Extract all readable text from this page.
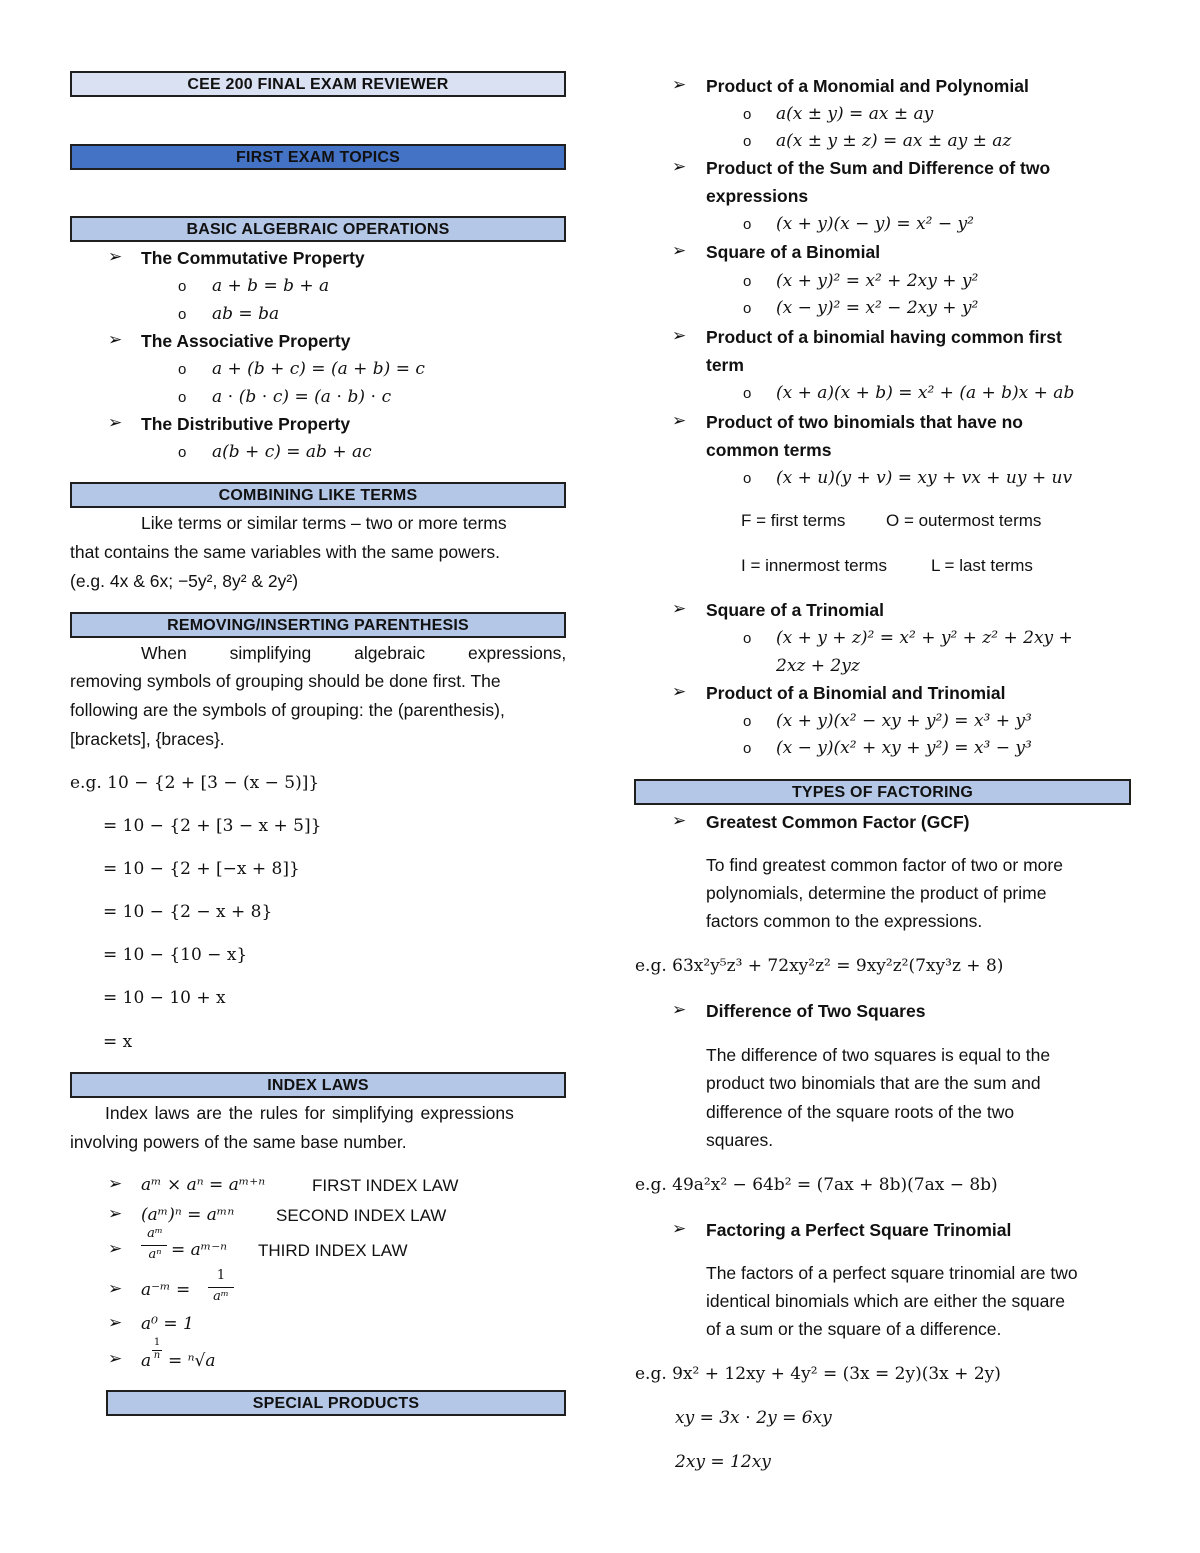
CEE 200 FINAL EXAM REVIEWER
FIRST EXAM TOPICS
BASIC ALGEBRAIC OPERATIONS
➢ The Commutative Property
o a + b = b + a
o ab = ba
➢ The Associative Property
o a + (b + c) = (a + b) = c
o a ⋅ (b ⋅ c) = (a ⋅ b) ⋅ c
➢ The Distributive Property
o a(b + c) = ab + ac
COMBINING LIKE TERMS
Like terms or similar terms – two or more terms
that contains the same variables with the same powers.
(e.g. 4x & 6x; −5y², 8y² & 2y²)
REMOVING/INSERTING PARENTHESIS
When simplifying algebraic expressions,
removing symbols of grouping should be done first. The
following are the symbols of grouping: the (parenthesis),
[brackets], {braces}.
e.g. 10 − {2 + [3 − (x − 5)]}
= 10 − {2 + [3 − x + 5]}
= 10 − {2 + [−x + 8]}
= 10 − {2 − x + 8}
= 10 − {10 − x}
= 10 − 10 + x
= x
INDEX LAWS
Index laws are the rules for simplifying expressions
involving powers of the same base number.
➢ aᵐ × aⁿ = aᵐ⁺ⁿ	FIRST INDEX LAW
➢ (aᵐ)ⁿ = aᵐⁿ SECOND INDEX LAW
➢
aᵐ
aⁿ = aᵐ⁻ⁿ THIRD INDEX LAW
➢ a⁻ᵐ =
1
aᵐ
➢ a⁰ = 1
➢ a
1
n = ⁿ√a
SPECIAL PRODUCTS
➢ Product of a Monomial and Polynomial
o a(x ± y) = ax ± ay
o a(x ± y ± z) = ax ± ay ± az
➢ Product of the Sum and Difference of two
expressions
o (x + y)(x − y) = x² − y²
➢ Square of a Binomial
o (x + y)² = x² + 2xy + y²
o (x − y)² = x² − 2xy + y²
➢ Product of a binomial having common first
term
o (x + a)(x + b) = x² + (a + b)x + ab
➢ Product of two binomials that have no
common terms
o (x + u)(y + v) = xy + vx + uy + uv
F = first terms O = outermost terms
I = innermost terms	L = last terms
➢ Square of a Trinomial
o (x + y + z)² = x² + y² + z² + 2xy +
2xz + 2yz
➢ Product of a Binomial and Trinomial
o (x + y)(x² − xy + y²) = x³ + y³
o (x − y)(x² + xy + y²) = x³ − y³
TYPES OF FACTORING
➢ Greatest Common Factor (GCF)
To find greatest common factor of two or more
polynomials, determine the product of prime
factors common to the expressions.
e.g. 63x²y⁵z³ + 72xy²z² = 9xy²z²(7xy³z + 8)
➢ Difference of Two Squares
The difference of two squares is equal to the
product two binomials that are the sum and
difference of the square roots of the two
squares.
e.g. 49a²x² − 64b² = (7ax + 8b)(7ax − 8b)
➢ Factoring a Perfect Square Trinomial
The factors of a perfect square trinomial are two
identical binomials which are either the square
of a sum or the square of a difference.
e.g. 9x² + 12xy + 4y² = (3x = 2y)(3x + 2y)
xy = 3x ⋅ 2y = 6xy
2xy = 12xy
